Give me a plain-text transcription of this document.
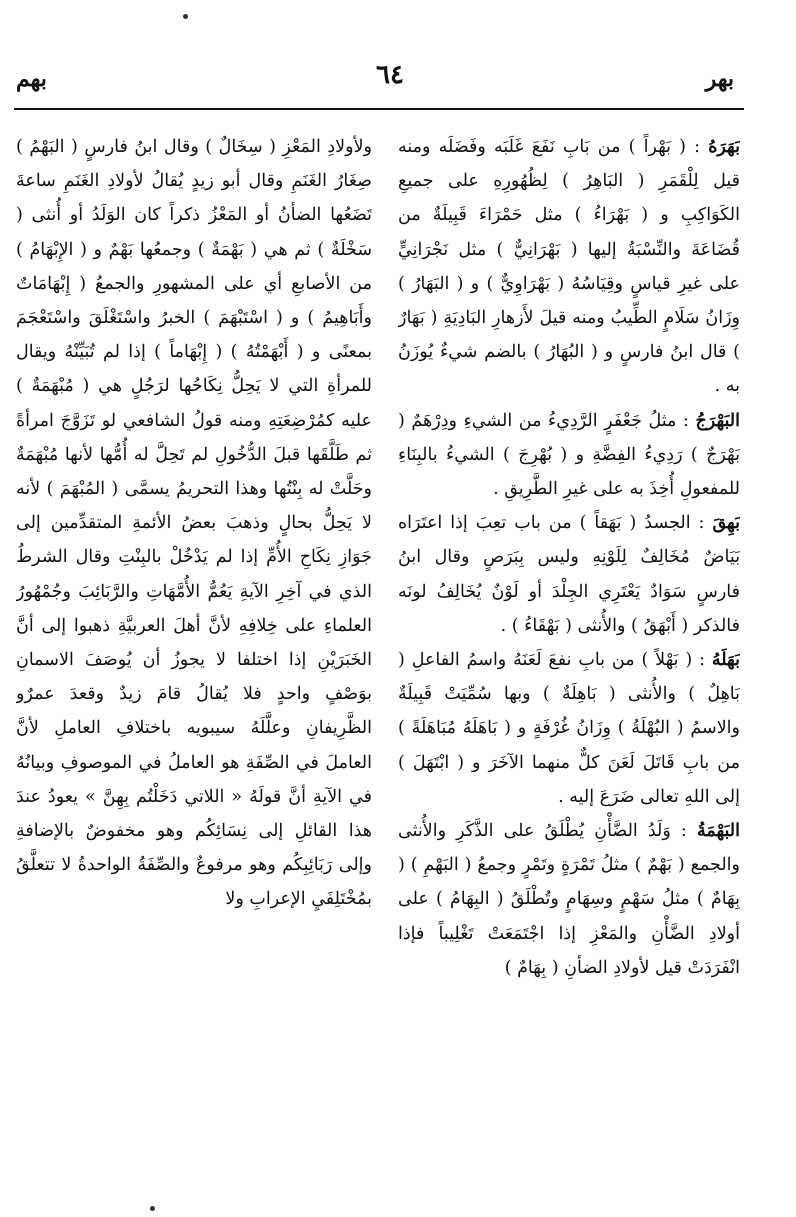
بهر
٦٤
بهم

بَهَرَهُ : ( بَهْراً ) من بَابِ نَفَعَ غَلَبَه وفَضَلَه ومنه قيل لِلْقَمَرِ ( البَاهِرُ ) لِظُهُورِهِ على جميعِ الكَوَاكِبِ و ( بَهْرَاءُ ) مثل حَمْرَاءَ قَبِيلَةٌ من قُضَاعَةَ والنِّسْبَةُ إليها ( بَهْرَانِيٌّ ) مثل نَجْرَانِيٍّ على غيرِ قياسٍ وقِيَاسُهُ ( بَهْرَاوِيٌّ ) و ( البَهَارُ ) وِزَانُ سَلَامٍ الطِّيبُ ومنه قيلَ لأَزهارِ البَادِيَةِ ( بَهَارٌ ) قال ابنُ فارسٍ و ( البُهَارُ ) بالضم شيءٌ يُوزَنُ به .

البَهْرَجُ : مثلُ جَعْفَرٍ الرَّدِيءُ من الشيءِ ودِرْهَمٌ ( بَهْرَجٌ ) رَدِيءُ الفِضَّةِ و ( بُهْرِجَ ) الشيءُ بالبِنَاءِ للمفعولِ أُخِذَ به على غيرِ الطَّرِيقِ .

بَهِقَ : الجسدُ ( بَهَقاً ) من باب تعِبَ إذا اعتَرَاه بَيَاضٌ مُخَالِفٌ لِلَوْنِهِ وليس بِبَرَصٍ وقال ابنُ فارسٍ سَوَادٌ يَعْتَرِي الجِلْدَ أو لَوْنٌ يُخَالِفُ لونَه فالذكر ( أَبْهَقُ ) والأُنثى ( بَهْقَاءُ ) .

بَهَلَهُ : ( بَهْلاً ) من بابِ نفعَ لَعَنَهُ واسمُ الفاعلِ ( بَاهِلٌ ) والأُنثى ( بَاهِلَةٌ ) وبها سُمِّيَتْ قَبِيلَةٌ والاسمُ ( البُهْلَةُ ) وِزَانُ غُرْفَةٍ و ( بَاهَلَهُ مُبَاهَلَةً ) من بابِ قَاتَلَ لَعَنَ كلٌّ منهما الآخَرَ و ( ابْتَهَلَ ) إلى اللهِ تعالى ضَرَعَ إليه .

البَهْمَةُ : وَلَدُ الضَّأْنِ يُطْلَقُ على الذَّكَرِ والأُنثى والجمع ( بَهْمٌ ) مثلُ تَمْرَةٍ وتَمْرٍ وجمعُ ( البَهْمِ ) ( بِهَامٌ ) مثلُ سَهْمٍ وسِهَامٍ وتُطْلَقُ ( البِهَامُ ) على أولادِ الضَّأْنِ والمَعْزِ إذا اجْتَمَعَتْ تَغْلِيباً فإذا انْفَرَدَتْ قيل لأولادِ الضأنِ ( بِهَامٌ )

ولأولادِ المَعْزِ ( سِخَالٌ ) وقال ابنُ فارسٍ ( البَهْمُ ) صِغَارُ الغَنَمِ وقال أبو زيدٍ يُقالُ لأولادِ الغَنَمِ ساعةَ تَضَعُها الضأنُ أو المَعْزُ ذكراً كان الوَلَدُ أو أُنثى ( سَخْلَةٌ ) ثم هي ( بَهْمَةٌ ) وجمعُها بَهْمٌ و ( الإِبْهَامُ ) من الأصابعِ أي على المشهورِ والجمعُ ( إِبْهَامَاتٌ وأَبَاهِيمُ ) و ( اسْتَبْهَمَ ) الخبرُ واسْتَغْلَقَ واسْتَعْجَمَ بمعنًى و ( أَبْهَمْتُهُ ) ( إِبْهَاماً ) إذا لم تُبَيِّنْهُ ويقال للمرأةِ التي لا يَحِلُّ نِكَاحُها لرَجُلٍ هي ( مُبْهَمَةٌ ) عليه كمُرْضِعَتِهِ ومنه قولُ الشافعي لو تَزَوَّجَ امرأةً ثم طَلَّقَها قبلَ الدُّخُولِ لم تَحِلَّ له أُمُّها لأنها مُبْهَمَةٌ وحَلَّتْ له بِنْتُها وهذا التحريمُ يسمَّى ( المُبْهَمَ ) لأنه لا يَحِلُّ بحالٍ وذهبَ بعضُ الأئمةِ المتقدِّمين إلى جَوَازِ نِكَاحِ الأُمِّ إذا لم يَدْخُلْ بالبِنْتِ وقال الشرطُ الذي في آخِرِ الآيةِ يَعُمُّ الأُمَّهَاتِ والرَّبَائِبَ وجُمْهُورُ العلماءِ على خِلافِهِ لأنَّ أهلَ العربيَّةِ ذهبوا إلى أنَّ الخَبَرَيْنِ إذا اختلفا لا يجوزُ أن يُوصَفَ الاسمانِ بوَصْفٍ واحدٍ فلا يُقالُ قامَ زيدٌ وقعدَ عمرٌو الظَّرِيفانِ وعلَّلَهُ سيبويه باختلافِ العاملِ لأنَّ العاملَ في الصِّفَةِ هو العاملُ في الموصوفِ وبيانُهُ في الآيةِ أنَّ قولَهُ « اللاتي دَخَلْتُم بِهِنَّ » يعودُ عندَ هذا القائلِ إلى نِسَائِكُم وهو مخفوضٌ بالإضافةِ وإلى رَبَائِبِكُم وهو مرفوعٌ والصِّفَةُ الواحدةُ لا تتعلَّقُ بمُخْتَلِفَيِ الإعرابِ ولا
